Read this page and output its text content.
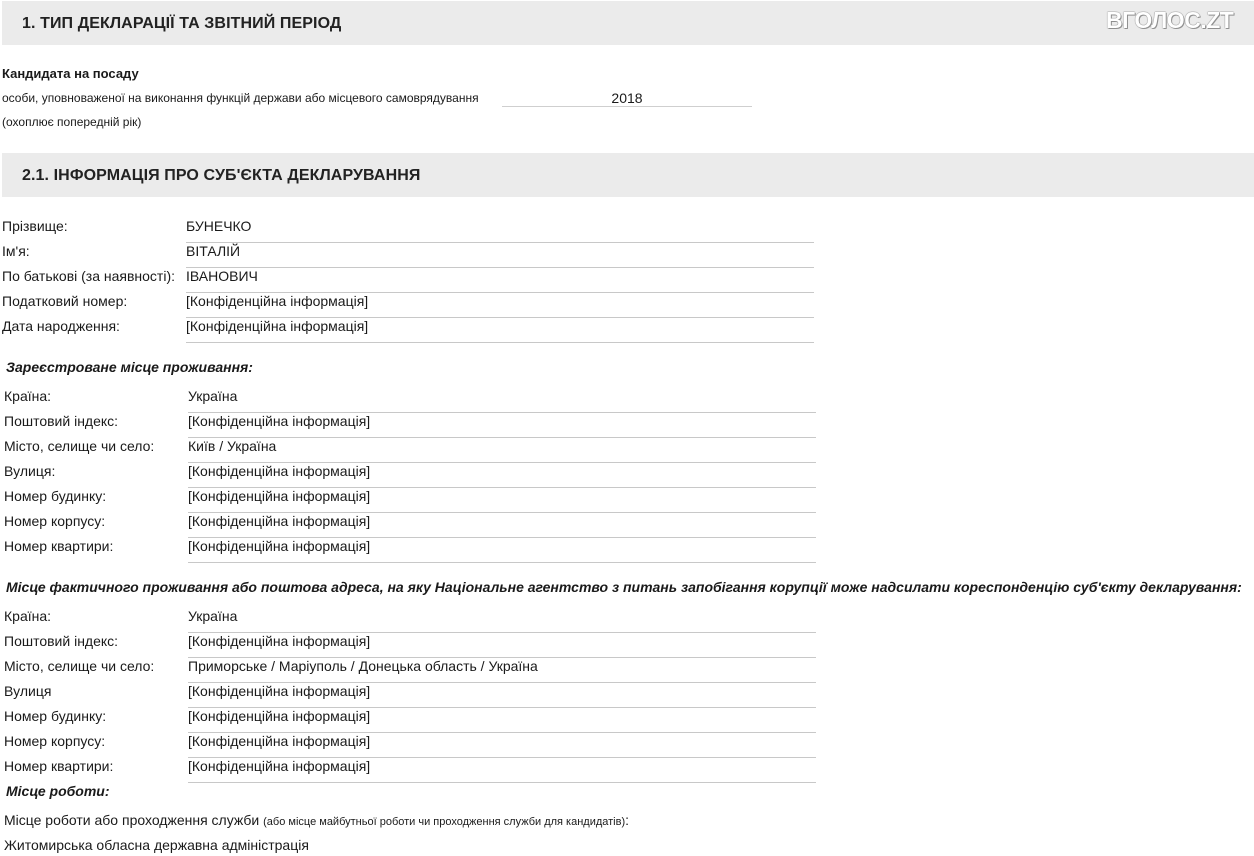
1. ТИП ДЕКЛАРАЦІЇ ТА ЗВІТНИЙ ПЕРІОД	ВГОЛОС.ZT
Кандидата на посаду
особи, уповноваженої на виконання функцій держави або місцевого самоврядування	2018
(охоплює попередній рік)
2.1. ІНФОРМАЦІЯ ПРО СУБ'ЄКТА ДЕКЛАРУВАННЯ
Прізвище:	БУНЕЧКО
Ім'я:	ВІТАЛІЙ
По батькові (за наявності): ІВАНОВИЧ
Податковий номер:	[Конфіденційна інформація]
Дата народження:	[Конфіденційна інформація]
Зареєстроване місце проживання:
Країна:	Україна
Поштовий індекс:	[Конфіденційна інформація]
Місто, селище чи село: Київ / Україна
Вулиця:	[Конфіденційна інформація]
Номер будинку:	[Конфіденційна інформація]
Номер корпусу:	[Конфіденційна інформація]
Номер квартири:	[Конфіденційна інформація]
Місце фактичного проживання або поштова адреса, на яку Національне агентство з питань запобігання корупції може надсилати кореспонденцію суб'єкту декларування:
Країна:	Україна
Поштовий індекс:	[Конфіденційна інформація]
Місто, селище чи село: Приморське / Маріуполь / Донецька область / Україна
Вулиця	[Конфіденційна інформація]
Номер будинку:	[Конфіденційна інформація]
Номер корпусу:	[Конфіденційна інформація]
Номер квартири:	[Конфіденційна інформація]
Місце роботи:
Місце роботи або проходження служби (або місце майбутньої роботи чи проходження служби для кандидатів):
Житомирська обласна державна адміністрація
